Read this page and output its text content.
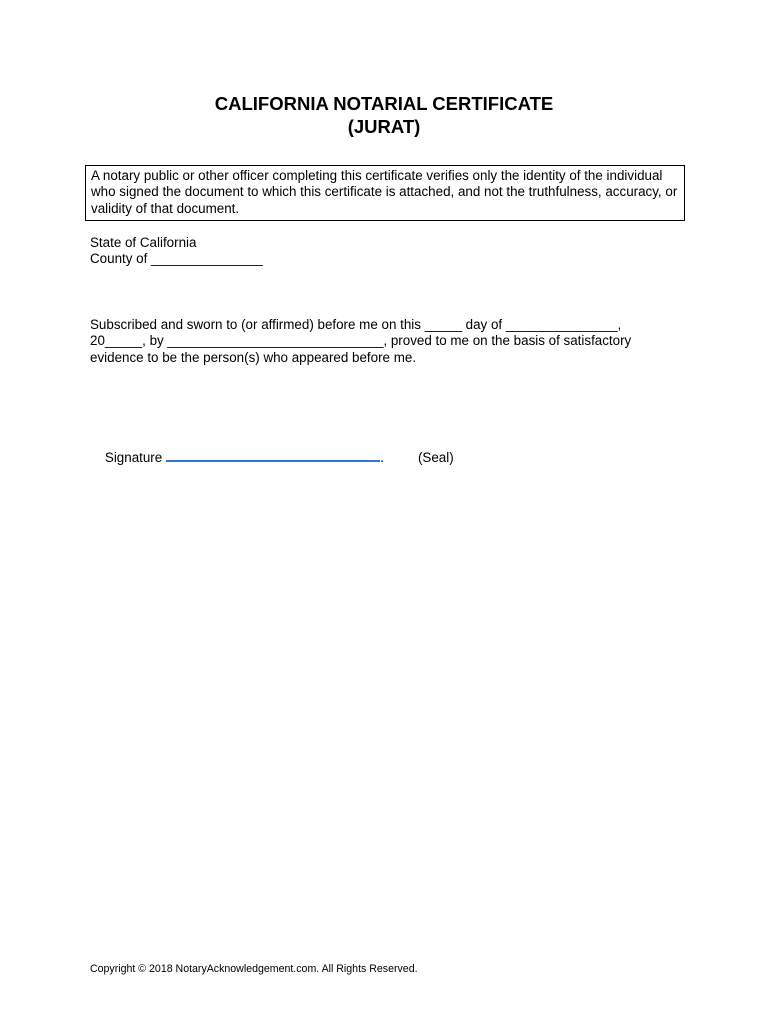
CALIFORNIA NOTARIAL CERTIFICATE
(JURAT)
A notary public or other officer completing this certificate verifies only the identity of the individual who signed the document to which this certificate is attached, and not the truthfulness, accuracy, or validity of that document.
State of California
County of _______________
Subscribed and sworn to (or affirmed) before me on this _____ day of _______________,
20_____, by _____________________________, proved to me on the basis of satisfactory
evidence to be the person(s) who appeared before me.

Signature	.	(Seal)

Copyright © 2018 NotaryAcknowledgement.com. All Rights Reserved.
